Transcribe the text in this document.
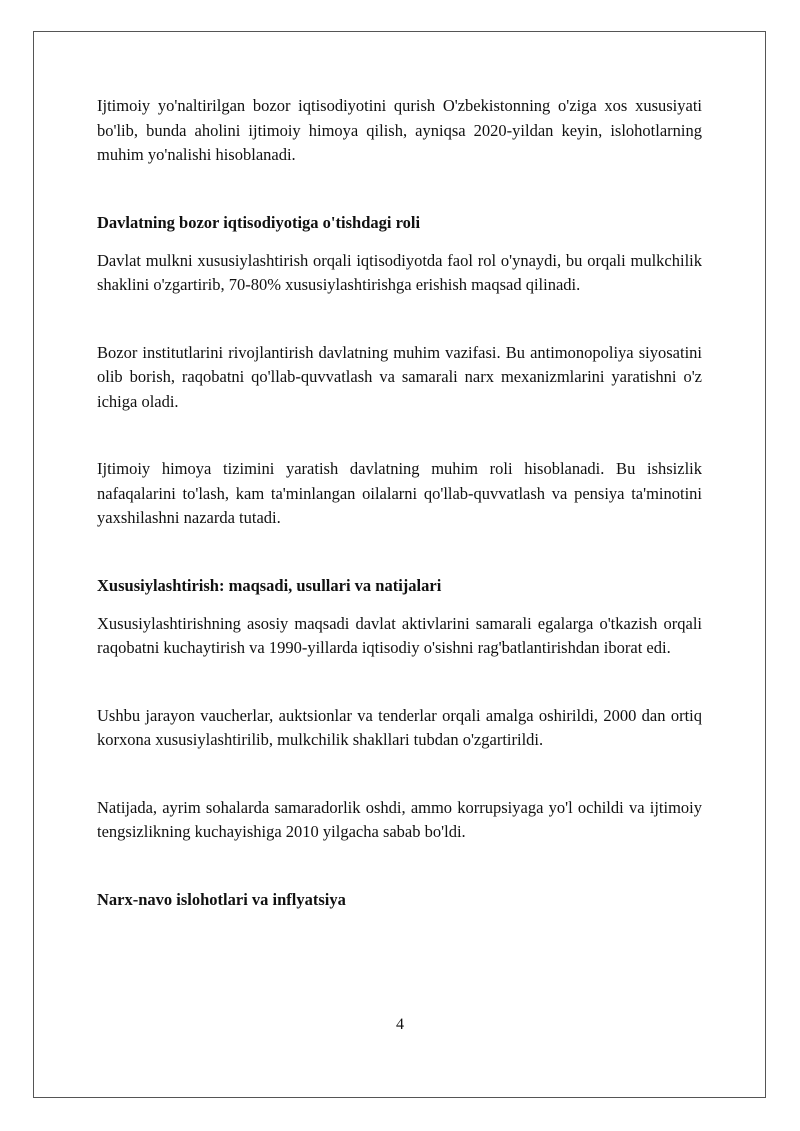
Ijtimoiy yo'naltirilgan bozor iqtisodiyotini qurish O'zbekistonning o'ziga xos xususiyati bo'lib, bunda aholini ijtimoiy himoya qilish, ayniqsa 2020-yildan keyin, islohotlarning muhim yo'nalishi hisoblanadi.

Davlatning bozor iqtisodiyotiga o'tishdagi roli

Davlat mulkni xususiylashtirish orqali iqtisodiyotda faol rol o'ynaydi, bu orqali mulkchilik shaklini o'zgartirib, 70-80% xususiylashtirishga erishish maqsad qilinadi.

Bozor institutlarini rivojlantirish davlatning muhim vazifasi. Bu antimonopoliya siyosatini olib borish, raqobatni qo'llab-quvvatlash va samarali narx mexanizmlarini yaratishni o'z ichiga oladi.

Ijtimoiy himoya tizimini yaratish davlatning muhim roli hisoblanadi. Bu ishsizlik nafaqalarini to'lash, kam ta'minlangan oilalarni qo'llab-quvvatlash va pensiya ta'minotini yaxshilashni nazarda tutadi.

Xususiylashtirish: maqsadi, usullari va natijalari

Xususiylashtirishning asosiy maqsadi davlat aktivlarini samarali egalarga o'tkazish orqali raqobatni kuchaytirish va 1990-yillarda iqtisodiy o'sishni rag'batlantirishdan iborat edi.

Ushbu jarayon vaucherlar, auktsionlar va tenderlar orqali amalga oshirildi, 2000 dan ortiq korxona xususiylashtirilib, mulkchilik shakllari tubdan o'zgartirildi.

Natijada, ayrim sohalarda samaradorlik oshdi, ammo korrupsiyaga yo'l ochildi va ijtimoiy tengsizlikning kuchayishiga 2010 yilgacha sabab bo'ldi.

Narx-navo islohotlari va inflyatsiya
4
